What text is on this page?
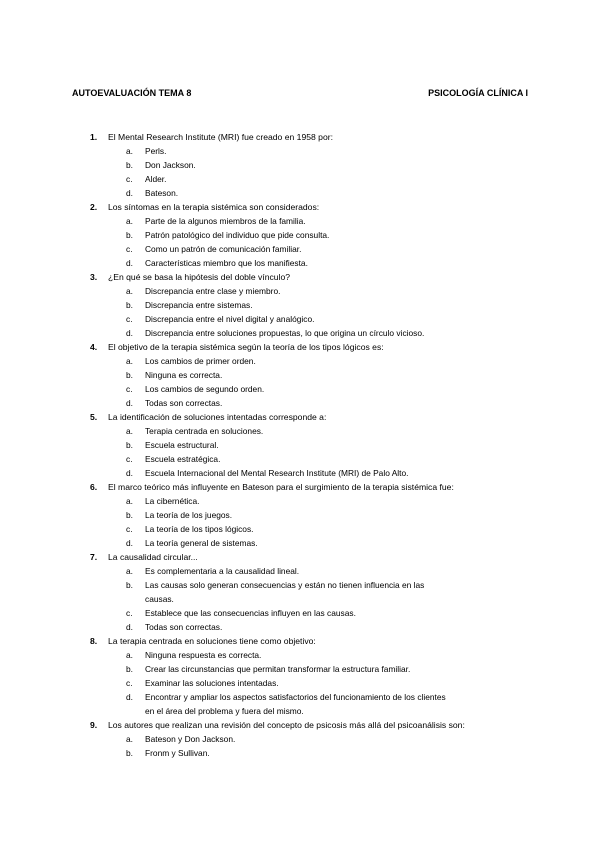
AUTOEVALUACIÓN TEMA 8	PSICOLOGÍA CLÍNICA I
1.	El Mental Research Institute (MRI) fue creado en 1958 por:
a.	Perls.
b.	Don Jackson.
c.	Alder.
d.	Bateson.
2.	Los síntomas en la terapia sistémica son considerados:
a.	Parte de la algunos miembros de la familia.
b.	Patrón patológico del individuo que pide consulta.
c.	Como un patrón de comunicación familiar.
d.	Características miembro que los manifiesta.
3.	¿En qué se basa la hipótesis del doble vínculo?
a.	Discrepancia entre clase y miembro.
b.	Discrepancia entre sistemas.
c.	Discrepancia entre el nivel digital y analógico.
d.	Discrepancia entre soluciones propuestas, lo que origina un círculo vicioso.
4.	El objetivo de la terapia sistémica según la teoría de los tipos lógicos es:
a.	Los cambios de primer orden.
b.	Ninguna es correcta.
c.	Los cambios de segundo orden.
d.	Todas son correctas.
5.	La identificación de soluciones intentadas corresponde a:
a.	Terapia centrada en soluciones.
b.	Escuela estructural.
c.	Escuela estratégica.
d.	Escuela Internacional del Mental Research Institute (MRI) de Palo Alto.
6.	El marco teórico más influyente en Bateson para el surgimiento de la terapia sistémica fue:
a.	La cibernética.
b.	La teoría de los juegos.
c.	La teoría de los tipos lógicos.
d.	La teoría general de sistemas.
7.	La causalidad circular...
a.	Es complementaria a la causalidad lineal.
b.	Las causas solo generan consecuencias y están no tienen influencia en las causas.
c.	Establece que las consecuencias influyen en las causas.
d.	Todas son correctas.
8.	La terapia centrada en soluciones tiene como objetivo:
a.	Ninguna respuesta es correcta.
b.	Crear las circunstancias que permitan transformar la estructura familiar.
c.	Examinar las soluciones intentadas.
d.	Encontrar y ampliar los aspectos satisfactorios del funcionamiento de los clientes en el área del problema y fuera del mismo.
9.	Los autores que realizan una revisión del concepto de psicosis más allá del psicoanálisis son:
a.	Bateson y Don Jackson.
b.	Fronm y Sullivan.
